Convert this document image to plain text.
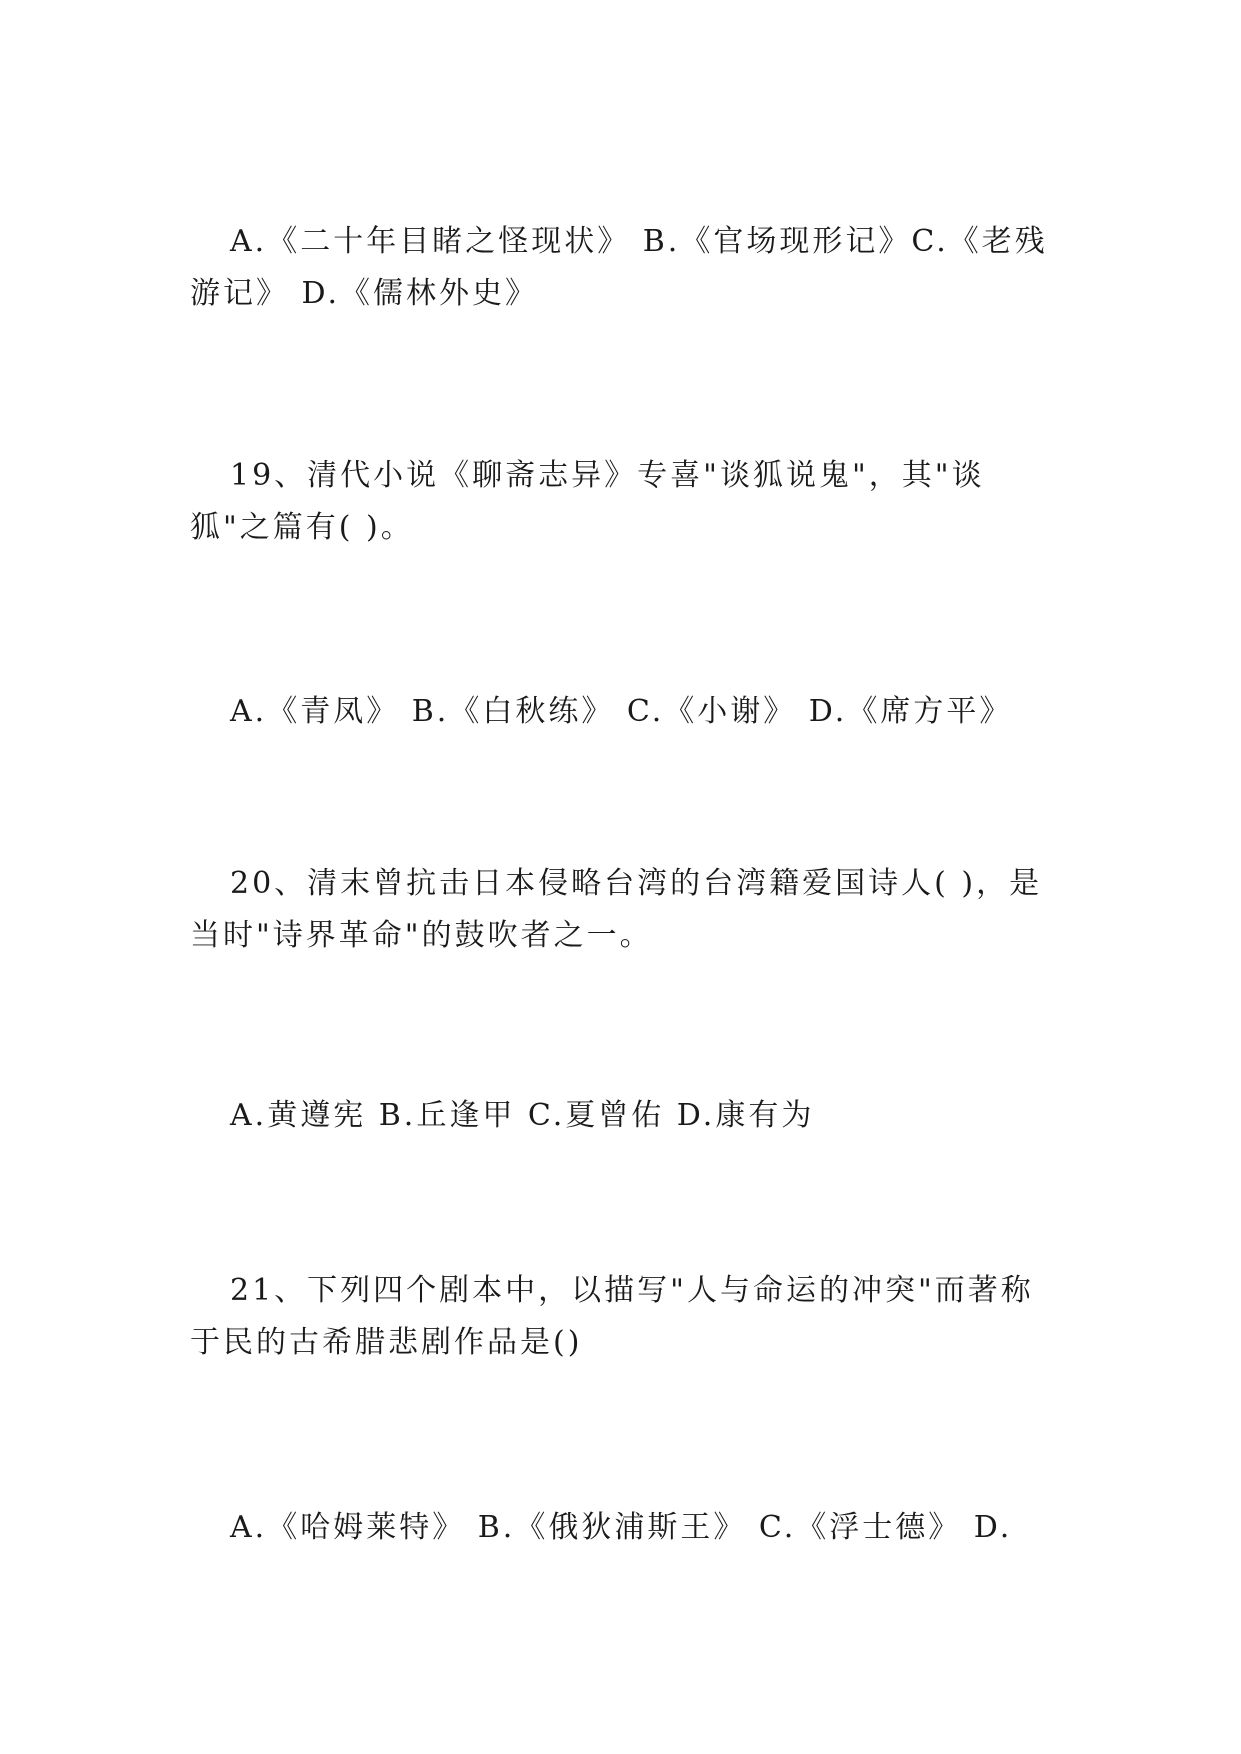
A.《二十年目睹之怪现状》 B.《官场现形记》C.《老残游记》 D.《儒林外史》

19、清代小说《聊斋志异》专喜"谈狐说鬼"，其"谈狐"之篇有( )。

A.《青凤》 B.《白秋练》 C.《小谢》 D.《席方平》

20、清末曾抗击日本侵略台湾的台湾籍爱国诗人( )，是当时"诗界革命"的鼓吹者之一。

A.黄遵宪 B.丘逢甲 C.夏曾佑 D.康有为

21、下列四个剧本中，以描写"人与命运的冲突"而著称于民的古希腊悲剧作品是()

A.《哈姆莱特》 B.《俄狄浦斯王》 C.《浮士德》 D.
